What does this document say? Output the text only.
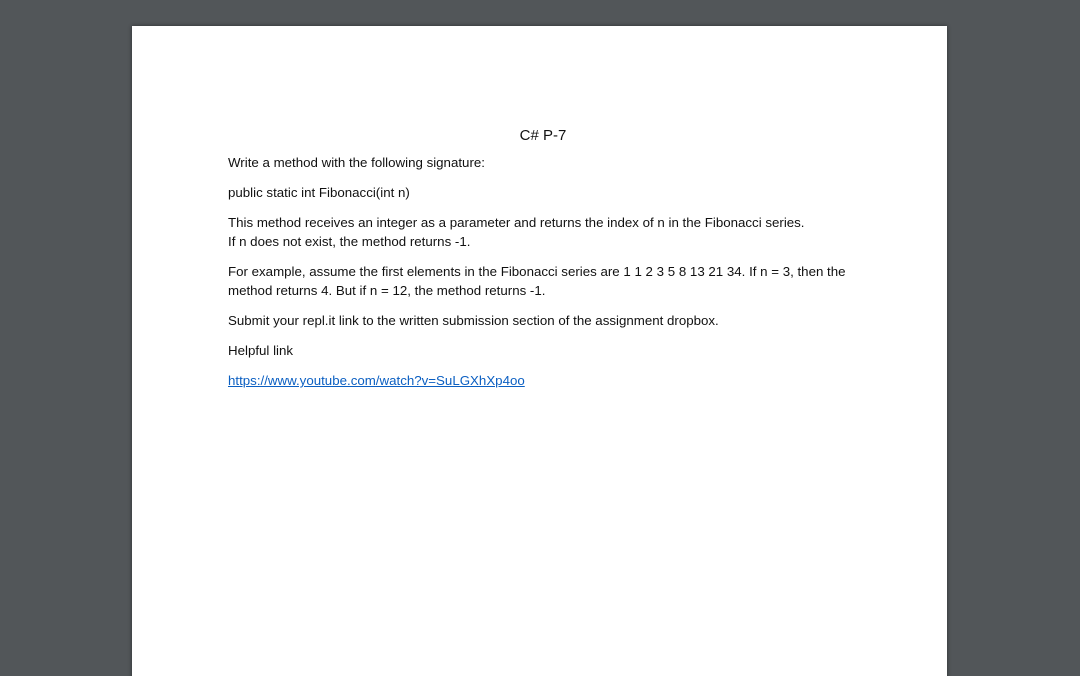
C# P-7

Write a method with the following signature:

public static int Fibonacci(int n)

This method receives an integer as a parameter and returns the index of n in the Fibonacci series.
If n does not exist, the method returns -1.

For example, assume the first elements in the Fibonacci series are 1 1 2 3 5 8 13 21 34. If n = 3, then the
method returns 4. But if n = 12, the method returns -1.

Submit your repl.it link to the written submission section of the assignment dropbox.

Helpful link

https://www.youtube.com/watch?v=SuLGXhXp4oo
